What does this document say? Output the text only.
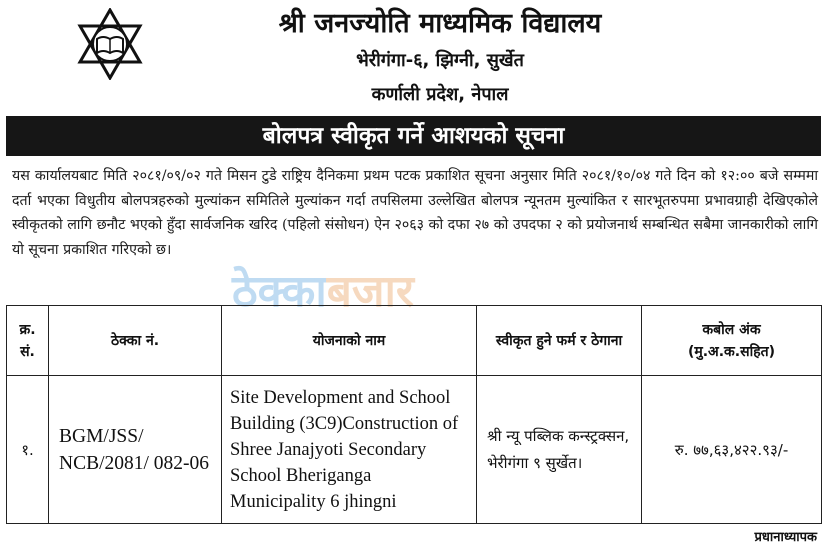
श्री जनज्योति माध्यमिक विद्यालय
भेरीगंगा-६, झिग्नी, सुर्खेत
कर्णाली प्रदेश, नेपाल
बोलपत्र स्वीकृत गर्ने आशयको सूचना
यस कार्यालयबाट मिति २०८१/०९/०२ गते मिसन टुडे राष्ट्रिय दैनिकमा प्रथम पटक प्रकाशित सूचना अनुसार मिति २०८१/१०/०४ गते दिन को १२:०० बजे सम्ममा दर्ता भएका विधुतीय बोलपत्रहरुको मुल्यांकन समितिले मुल्यांकन गर्दा तपसिलमा उल्लेखित बोलपत्र न्यूनतम मुल्यांकित र सारभूतरुपमा प्रभावग्राही देखिएकोले स्वीकृतको लागि छनौट भएको हुँदा सार्वजनिक खरिद (पहिलो संसोधन) ऐन २०६३ को दफा २७ को उपदफा २ को प्रयोजनार्थ सम्बन्धित सबैमा जानकारीको लागि यो सूचना प्रकाशित गरिएको छ।
ठेक्काबजार
क्र. सं.	ठेक्का नं.	योजनाको नाम	स्वीकृत हुने फर्म र ठेगाना	कबोल अंक
(मु.अ.क.सहित)
१.	BGM/JSS/ NCB/2081/ 082-06	Site Development and School Building (3C9)Construction of Shree Janajyoti Secondary School Bheriganga Municipality 6 jhingni	श्री न्यू पब्लिक कन्स्ट्रक्सन, भेरीगंगा ९ सुर्खेत।	रु. ७७,६३,४२२.९३/-
प्रधानाध्यापक
